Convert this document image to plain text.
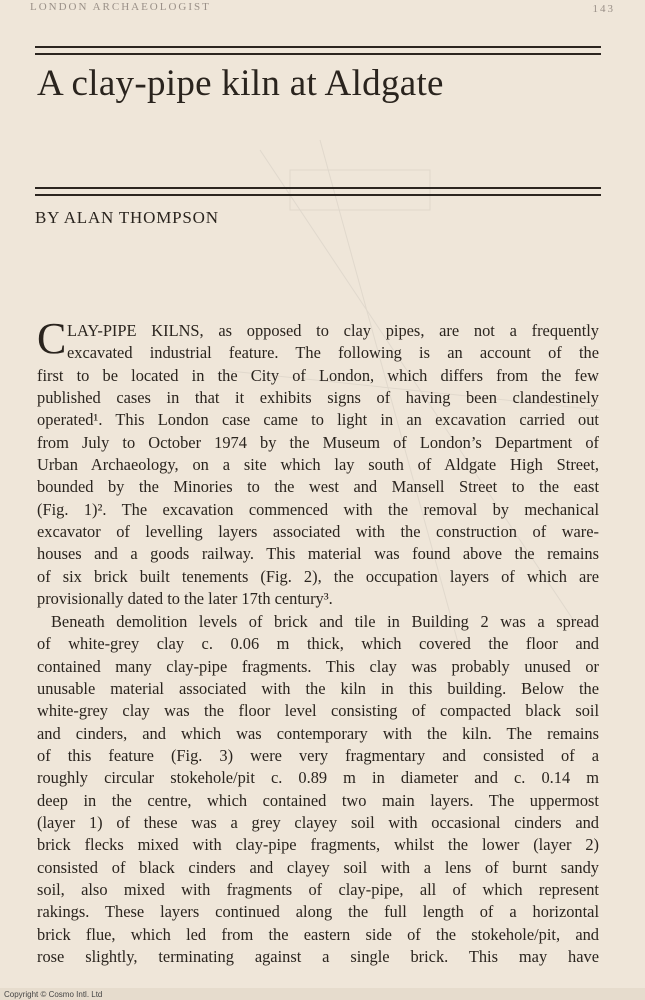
LONDON ARCHAEOLOGIST	143
A clay-pipe kiln at Aldgate
BY ALAN THOMPSON
C LAY-PIPE KILNS, as opposed to clay pipes, are not a frequently
excavated industrial feature. The following is an account of the
first to be located in the City of London, which differs from the few
published cases in that it exhibits signs of having been clandestinely
operated¹. This London case came to light in an excavation carried out
from July to October 1974 by the Museum of London’s Department of
Urban Archaeology, on a site which lay south of Aldgate High Street,
bounded by the Minories to the west and Mansell Street to the east
(Fig. 1)². The excavation commenced with the removal by mechanical
excavator of levelling layers associated with the construction of ware-
houses and a goods railway. This material was found above the remains
of six brick built tenements (Fig. 2), the occupation layers of which are
provisionally dated to the later 17th century³.
Beneath demolition levels of brick and tile in Building 2 was a spread
of white-grey clay c. 0.06 m thick, which covered the floor and
contained many clay-pipe fragments. This clay was probably unused or
unusable material associated with the kiln in this building. Below the
white-grey clay was the floor level consisting of compacted black soil
and cinders, and which was contemporary with the kiln. The remains
of this feature (Fig. 3) were very fragmentary and consisted of a
roughly circular stokehole/pit c. 0.89 m in diameter and c. 0.14 m
deep in the centre, which contained two main layers. The uppermost
(layer 1) of these was a grey clayey soil with occasional cinders and
brick flecks mixed with clay-pipe fragments, whilst the lower (layer 2)
consisted of black cinders and clayey soil with a lens of burnt sandy
soil, also mixed with fragments of clay-pipe, all of which represent
rakings. These layers continued along the full length of a horizontal
brick flue, which led from the eastern side of the stokehole/pit, and
rose slightly, terminating against a single brick. This may have
Copyright © Cosmo Intl. Ltd
